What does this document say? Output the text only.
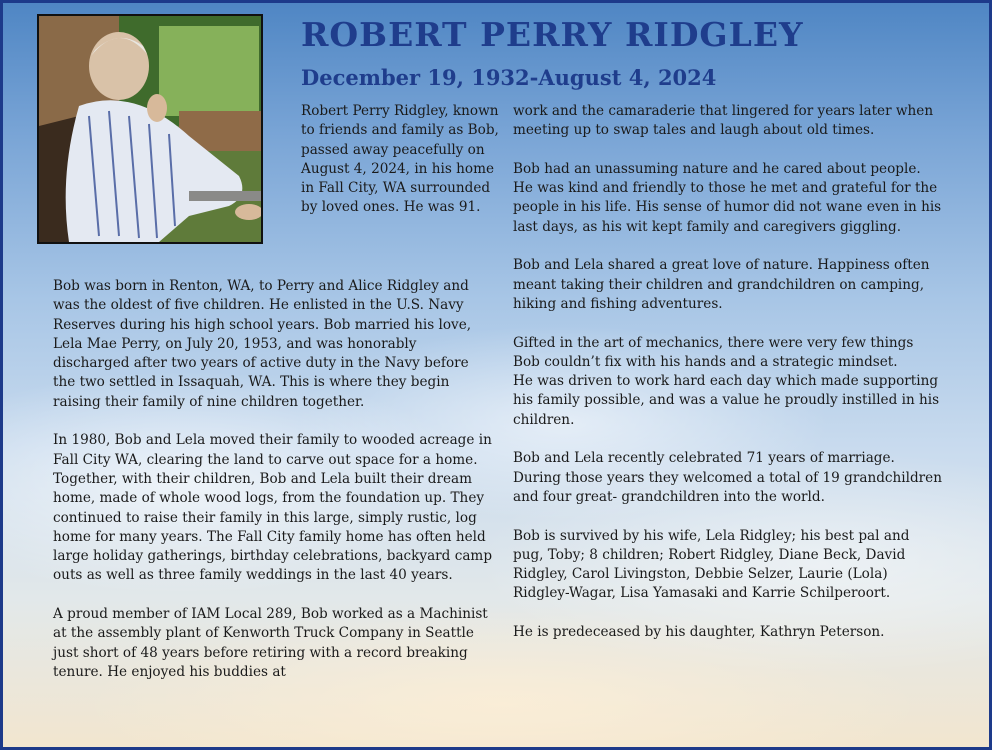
ROBERT PERRY RIDGLEY
December 19, 1932-August 4, 2024

Robert Perry Ridgley, known to friends and family as Bob, passed away peacefully on August 4, 2024, in his home in Fall City, WA surrounded by loved ones. He was 91.

Bob was born in Renton, WA, to Perry and Alice Ridgley and was the oldest of five children. He enlisted in the U.S. Navy Reserves during his high school years. Bob married his love, Lela Mae Perry, on July 20, 1953, and was honorably discharged after two years of active duty in the Navy before the two settled in Issaquah, WA. This is where they begin raising their family of nine children together.

In 1980, Bob and Lela moved their family to wooded acreage in Fall City WA, clearing the land to carve out space for a home. Together, with their children, Bob and Lela built their dream home, made of whole wood logs, from the foundation up. They continued to raise their family in this large, simply rustic, log home for many years. The Fall City family home has often held large holiday gatherings, birthday celebrations, backyard camp outs as well as three family weddings in the last 40 years.

A proud member of IAM Local 289, Bob worked as a Machinist at the assembly plant of Kenworth Truck Company in Seattle just short of 48 years before retiring with a record breaking tenure. He enjoyed his buddies at

work and the camaraderie that lingered for years later when meeting up to swap tales and laugh about old times.

Bob had an unassuming nature and he cared about people. He was kind and friendly to those he met and grateful for the people in his life. His sense of humor did not wane even in his last days, as his wit kept family and caregivers giggling.

Bob and Lela shared a great love of nature. Happiness often meant taking their children and grandchildren on camping, hiking and fishing adventures.

Gifted in the art of mechanics, there were very few things Bob couldn’t fix with his hands and a strategic mindset.

He was driven to work hard each day which made supporting his family possible, and was a value he proudly instilled in his children.

Bob and Lela recently celebrated 71 years of marriage. During those years they welcomed a total of 19 grandchildren and four great- grandchildren into the world.

Bob is survived by his wife, Lela Ridgley; his best pal and pug, Toby; 8 children; Robert Ridgley, Diane Beck, David Ridgley, Carol Livingston, Debbie Selzer, Laurie (Lola) Ridgley-Wagar, Lisa Yamasaki and Karrie Schilperoort.

He is predeceased by his daughter, Kathryn Peterson.
